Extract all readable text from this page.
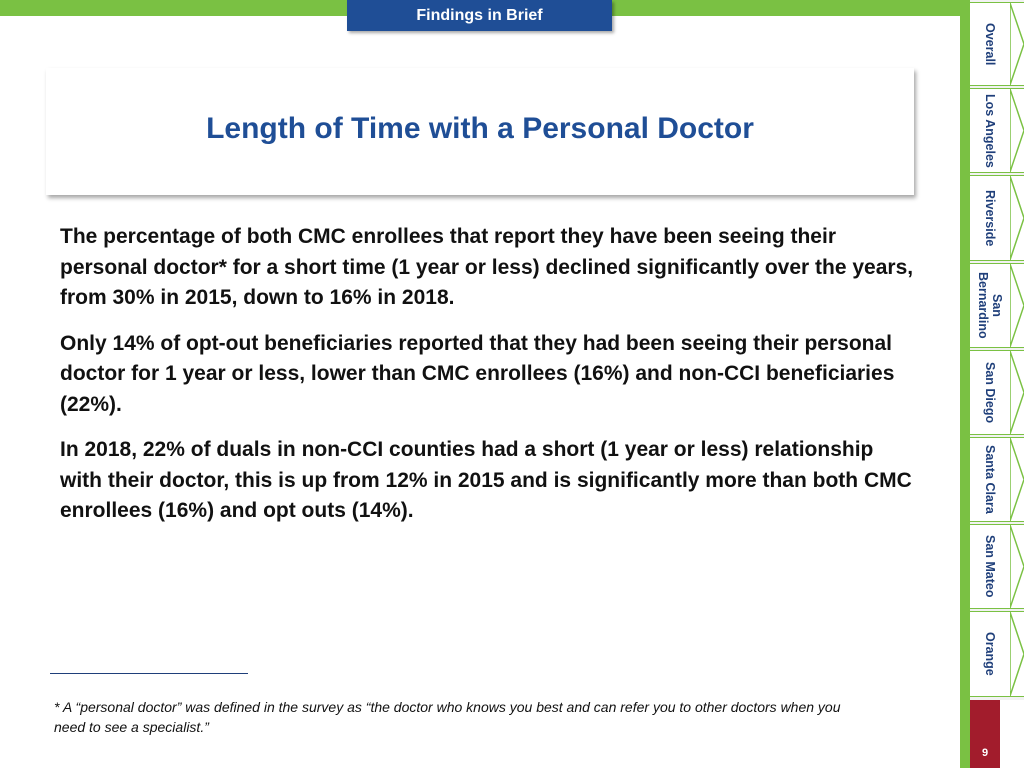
Findings in Brief
Length of Time with a Personal Doctor

The percentage of both CMC enrollees that report they have been seeing their personal doctor* for a short time (1 year or less) declined significantly over the years, from 30% in 2015, down to 16% in 2018.

Only 14% of opt-out beneficiaries reported that they had been seeing their personal doctor for 1 year or less, lower than CMC enrollees (16%) and non-CCI beneficiaries (22%).

In 2018, 22% of duals in non-CCI counties had a short (1 year or less) relationship with their doctor, this is up from 12% in 2015 and is significantly more than both CMC enrollees (16%) and opt outs (14%).

* A “personal doctor” was defined in the survey as “the doctor who knows you best and can refer you to other doctors when you need to see a specialist.”
Overall
Los Angeles
Riverside
San Bernardino
San Diego
Santa Clara
San Mateo
Orange
9
